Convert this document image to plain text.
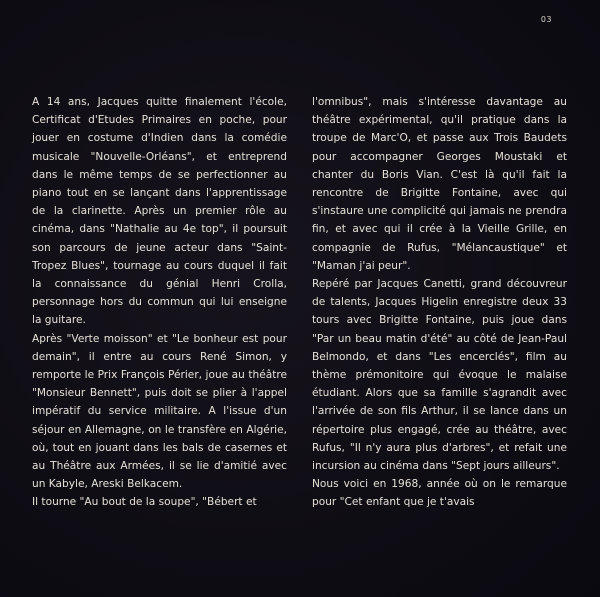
03

A 14 ans, Jacques quitte finalement l'école, Certificat d'Etudes Primaires en poche, pour jouer en costume d'Indien dans la comédie musicale "Nouvelle-Orléans", et entreprend dans le même temps de se perfectionner au piano tout en se lançant dans l'apprentissage de la clarinette. Après un premier rôle au cinéma, dans "Nathalie au 4e top", il poursuit son parcours de jeune acteur dans "Saint-Tropez Blues", tournage au cours duquel il fait la connaissance du génial Henri Crolla, personnage hors du commun qui lui enseigne la guitare.

Après "Verte moisson" et "Le bonheur est pour demain", il entre au cours René Simon, y remporte le Prix François Périer, joue au théâtre "Monsieur Bennett", puis doit se plier à l'appel impératif du service militaire. A l'issue d'un séjour en Allemagne, on le transfère en Algérie, où, tout en jouant dans les bals de casernes et au Théâtre aux Armées, il se lie d'amitié avec un Kabyle, Areski Belkacem.

Il tourne "Au bout de la soupe", "Bébert et

l'omnibus", mais s'intéresse davantage au théâtre expérimental, qu'il pratique dans la troupe de Marc'O, et passe aux Trois Baudets pour accompagner Georges Moustaki et chanter du Boris Vian. C'est là qu'il fait la rencontre de Brigitte Fontaine, avec qui s'instaure une complicité qui jamais ne prendra fin, et avec qui il crée à la Vieille Grille, en compagnie de Rufus, "Mélancaustique" et "Maman j'ai peur".

Repéré par Jacques Canetti, grand découvreur de talents, Jacques Higelin enregistre deux 33 tours avec Brigitte Fontaine, puis joue dans "Par un beau matin d'été" au côté de Jean-Paul Belmondo, et dans "Les encerclés", film au thème prémonitoire qui évoque le malaise étudiant. Alors que sa famille s'agrandit avec l'arrivée de son fils Arthur, il se lance dans un répertoire plus engagé, crée au théâtre, avec Rufus, "Il n'y aura plus d'arbres", et refait une incursion au cinéma dans "Sept jours ailleurs".

Nous voici en 1968, année où on le remarque pour "Cet enfant que je t'avais
